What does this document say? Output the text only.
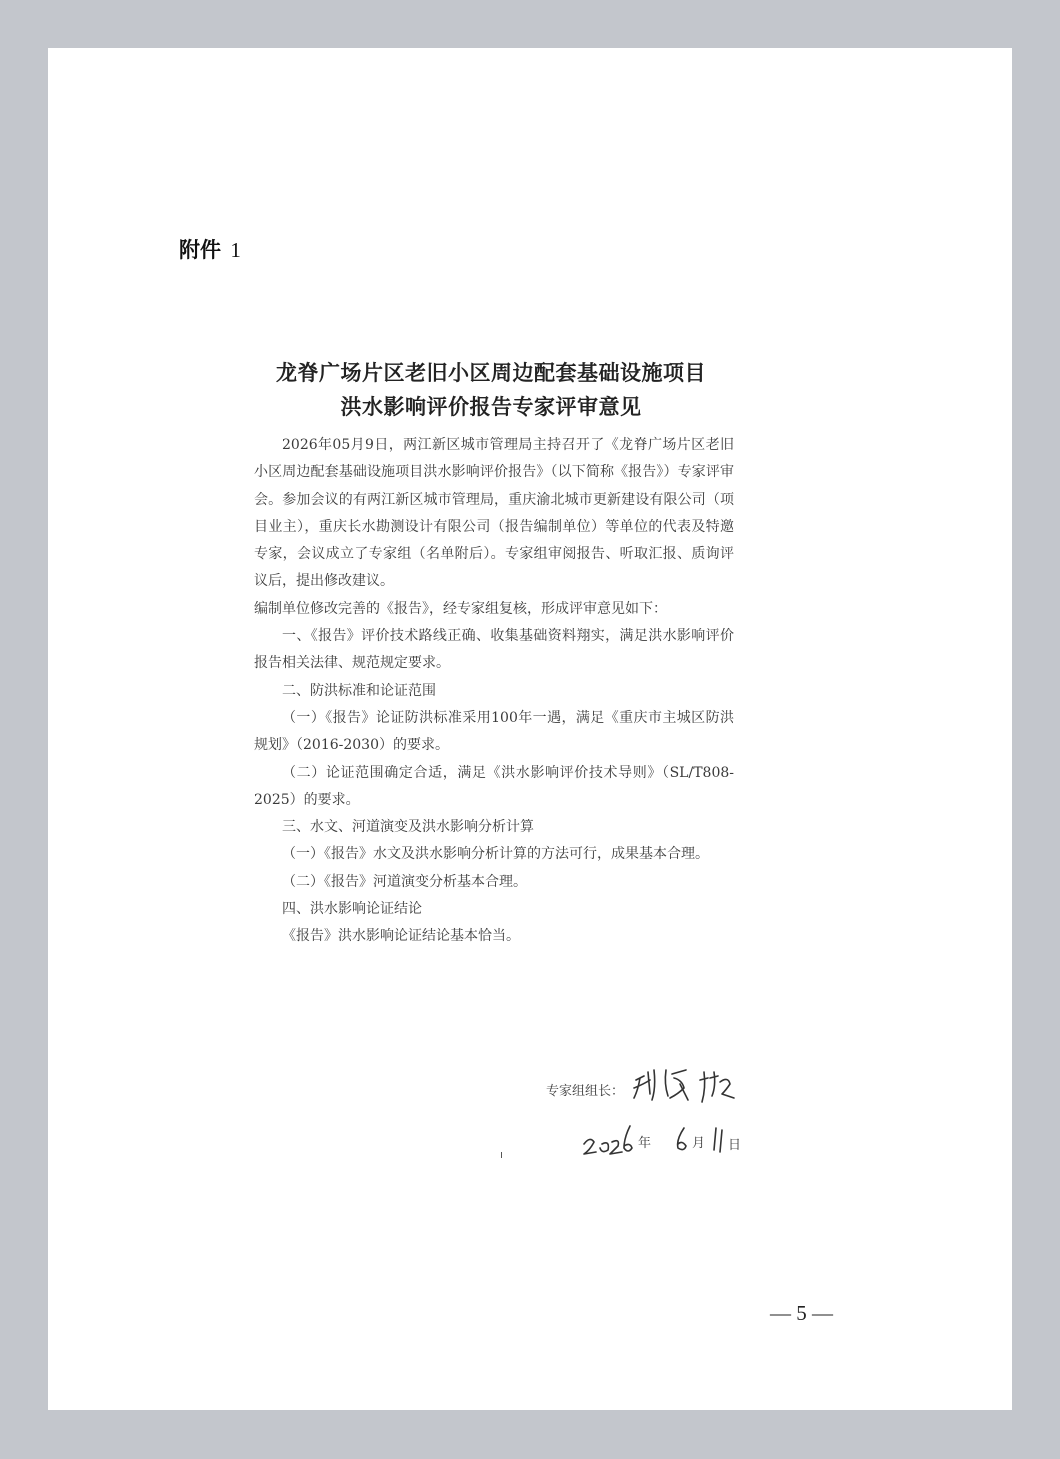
附件 1
龙脊广场片区老旧小区周边配套基础设施项目
洪水影响评价报告专家评审意见

2026年05月9日，两江新区城市管理局主持召开了《龙脊广场片区老旧小区周边配套基础设施项目洪水影响评价报告》（以下简称《报告》）专家评审会。参加会议的有两江新区城市管理局，重庆渝北城市更新建设有限公司（项目业主），重庆长水勘测设计有限公司（报告编制单位）等单位的代表及特邀专家，会议成立了专家组（名单附后）。专家组审阅报告、听取汇报、质询评议后，提出修改建议。

编制单位修改完善的《报告》，经专家组复核，形成评审意见如下：

一、《报告》评价技术路线正确、收集基础资料翔实，满足洪水影响评价报告相关法律、规范规定要求。

二、防洪标准和论证范围

（一）《报告》论证防洪标准采用100年一遇，满足《重庆市主城区防洪规划》（2016-2030）的要求。

（二）论证范围确定合适，满足《洪水影响评价技术导则》（SL/T808-2025）的要求。

三、水文、河道演变及洪水影响分析计算

（一）《报告》水文及洪水影响分析计算的方法可行，成果基本合理。

（二）《报告》河道演变分析基本合理。

四、洪水影响论证结论

《报告》洪水影响论证结论基本恰当。

专家组组长：
年	月 日
— 5 —
